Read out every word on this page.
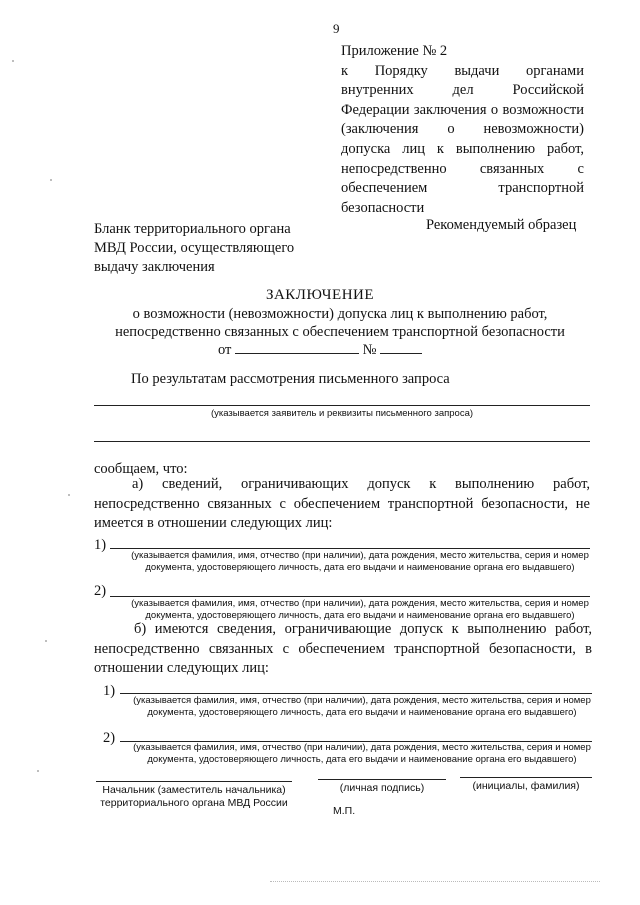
9
Приложение № 2
к Порядку выдачи органами внутренних дел Российской Федерации заключения о возможности (заключения о невозможности) допуска лиц к выполнению работ, непосредственно связанных с обеспечением транспортной безопасности
Бланк территориального органа МВД России, осуществляющего выдачу заключения
Рекомендуемый образец
ЗАКЛЮЧЕНИЕ
о возможности (невозможности) допуска лиц к выполнению работ, непосредственно связанных с обеспечением транспортной безопасности
от	№
По результатам рассмотрения письменного запроса
(указывается заявитель и реквизиты письменного запроса)
сообщаем, что:
а) сведений, ограничивающих допуск к выполнению работ, непосредственно связанных с обеспечением транспортной безопасности, не имеется в отношении следующих лиц:
1)
(указывается фамилия, имя, отчество (при наличии), дата рождения, место жительства, серия и номер документа, удостоверяющего личность, дата его выдачи и наименование органа его выдавшего)
2)
(указывается фамилия, имя, отчество (при наличии), дата рождения, место жительства, серия и номер документа, удостоверяющего личность, дата его выдачи и наименование органа его выдавшего)
б) имеются сведения, ограничивающие допуск к выполнению работ, непосредственно связанных с обеспечением транспортной безопасности, в отношении следующих лиц:
1)
(указывается фамилия, имя, отчество (при наличии), дата рождения, место жительства, серия и номер документа, удостоверяющего личность, дата его выдачи и наименование органа его выдавшего)
2)
(указывается фамилия, имя, отчество (при наличии), дата рождения, место жительства, серия и номер документа, удостоверяющего личность, дата его выдачи и наименование органа его выдавшего)
Начальник (заместитель начальника) территориального органа МВД России
(личная подпись)	(инициалы, фамилия)
М.П.
